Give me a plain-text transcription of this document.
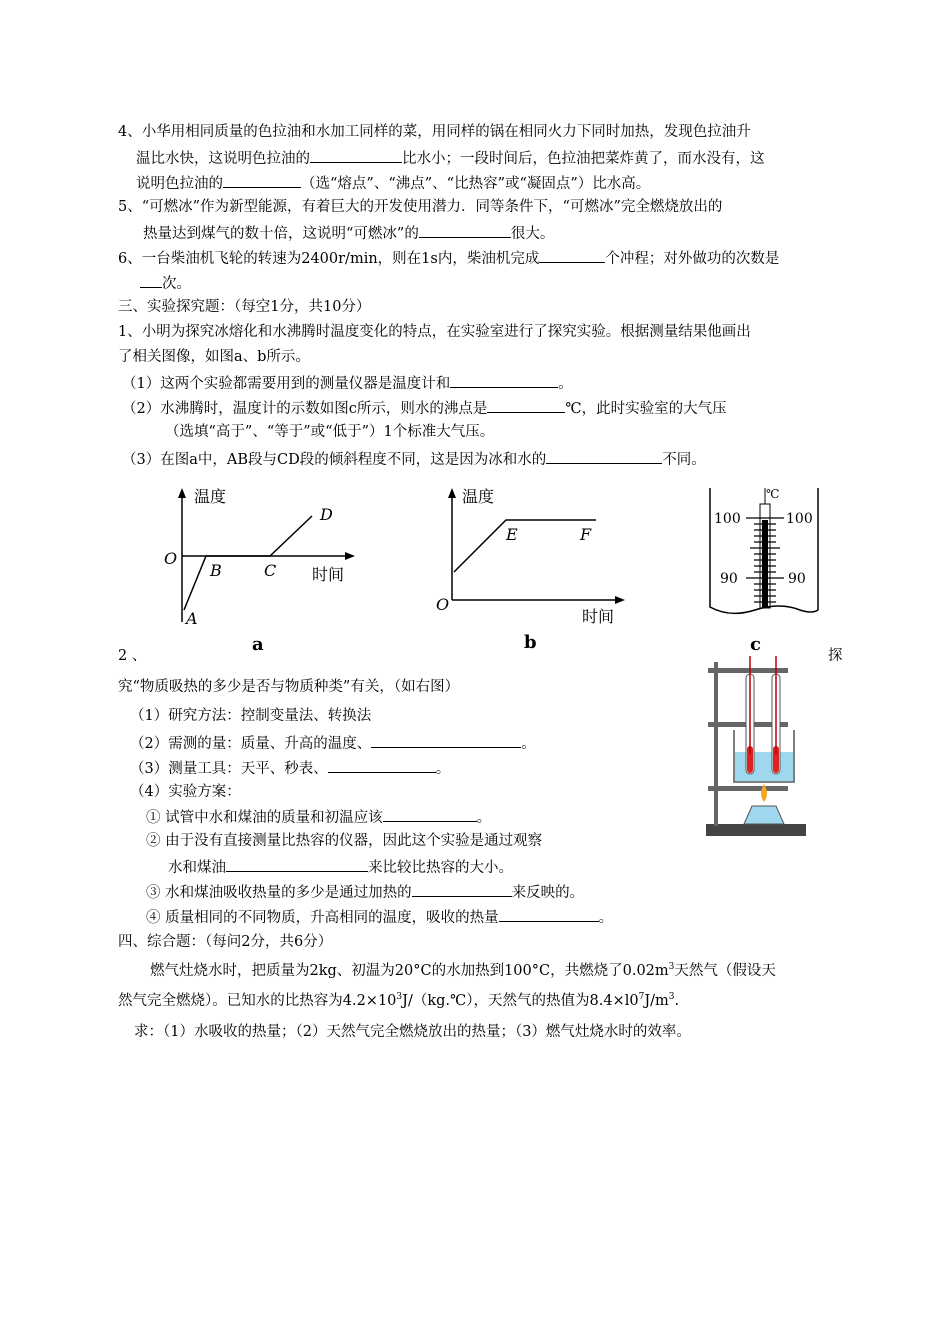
4、小华用相同质量的色拉油和水加工同样的菜，用同样的锅在相同火力下同时加热，发现色拉油升
温比水快，这说明色拉油的	比水小；一段时间后，色拉油把菜炸黄了，而水没有，这
说明色拉油的	（选“熔点”、“沸点”、“比热容”或“凝固点”）比水高。
5、“可燃冰”作为新型能源，有着巨大的开发使用潜力．同等条件下，“可燃冰”完全燃烧放出的
热量达到煤气的数十倍，这说明“可燃冰”的	很大。
6、一台柴油机飞轮的转速为2400r/min，则在1s内，柴油机完成	个冲程；对外做功的次数是
次。
三、实验探究题：（每空1分，共10分）
1、小明为探究冰熔化和水沸腾时温度变化的特点，在实验室进行了探究实验。根据测量结果他画出
了相关图像，如图a、b所示。
（1）这两个实验都需要用到的测量仪器是温度计和	。
（2）水沸腾时，温度计的示数如图c所示，则水的沸点是	℃，此时实验室的大气压
（选填“高于”、“等于”或“低于”）1个标准大气压。
（3）在图a中，AB段与CD段的倾斜程度不同，这是因为冰和水的	不同。
温度
时间
O
A
B	C
D
a
温度
时间
O
E	F
b
℃
100	100
90	90
c
2 、	探
究“物质吸热的多少是否与物质种类”有关，（如右图）
（1）研究方法：控制变量法、转换法
（2）需测的量：质量、升高的温度、	。
（3）测量工具：天平、秒表、	。
（4）实验方案：
① 试管中水和煤油的质量和初温应该	。
② 由于没有直接测量比热容的仪器，因此这个实验是通过观察
水和煤油	来比较比热容的大小。
③ 水和煤油吸收热量的多少是通过加热的	来反映的。
④ 质量相同的不同物质，升高相同的温度，吸收的热量	。
四、综合题：（每问2分，共6分）
燃气灶烧水时，把质量为2kg、初温为20°C的水加热到100°C，共燃烧了$0.02m^3$天然气（假设天
然气完全燃烧）。已知水的比热容为$4.2\times 10^3J/(kg.℃)$，天然气的热值为$8.4\times l0^7J/m^3$.
求：（1）水吸收的热量；（2）天然气完全燃烧放出的热量；（3）燃气灶烧水时的效率。
